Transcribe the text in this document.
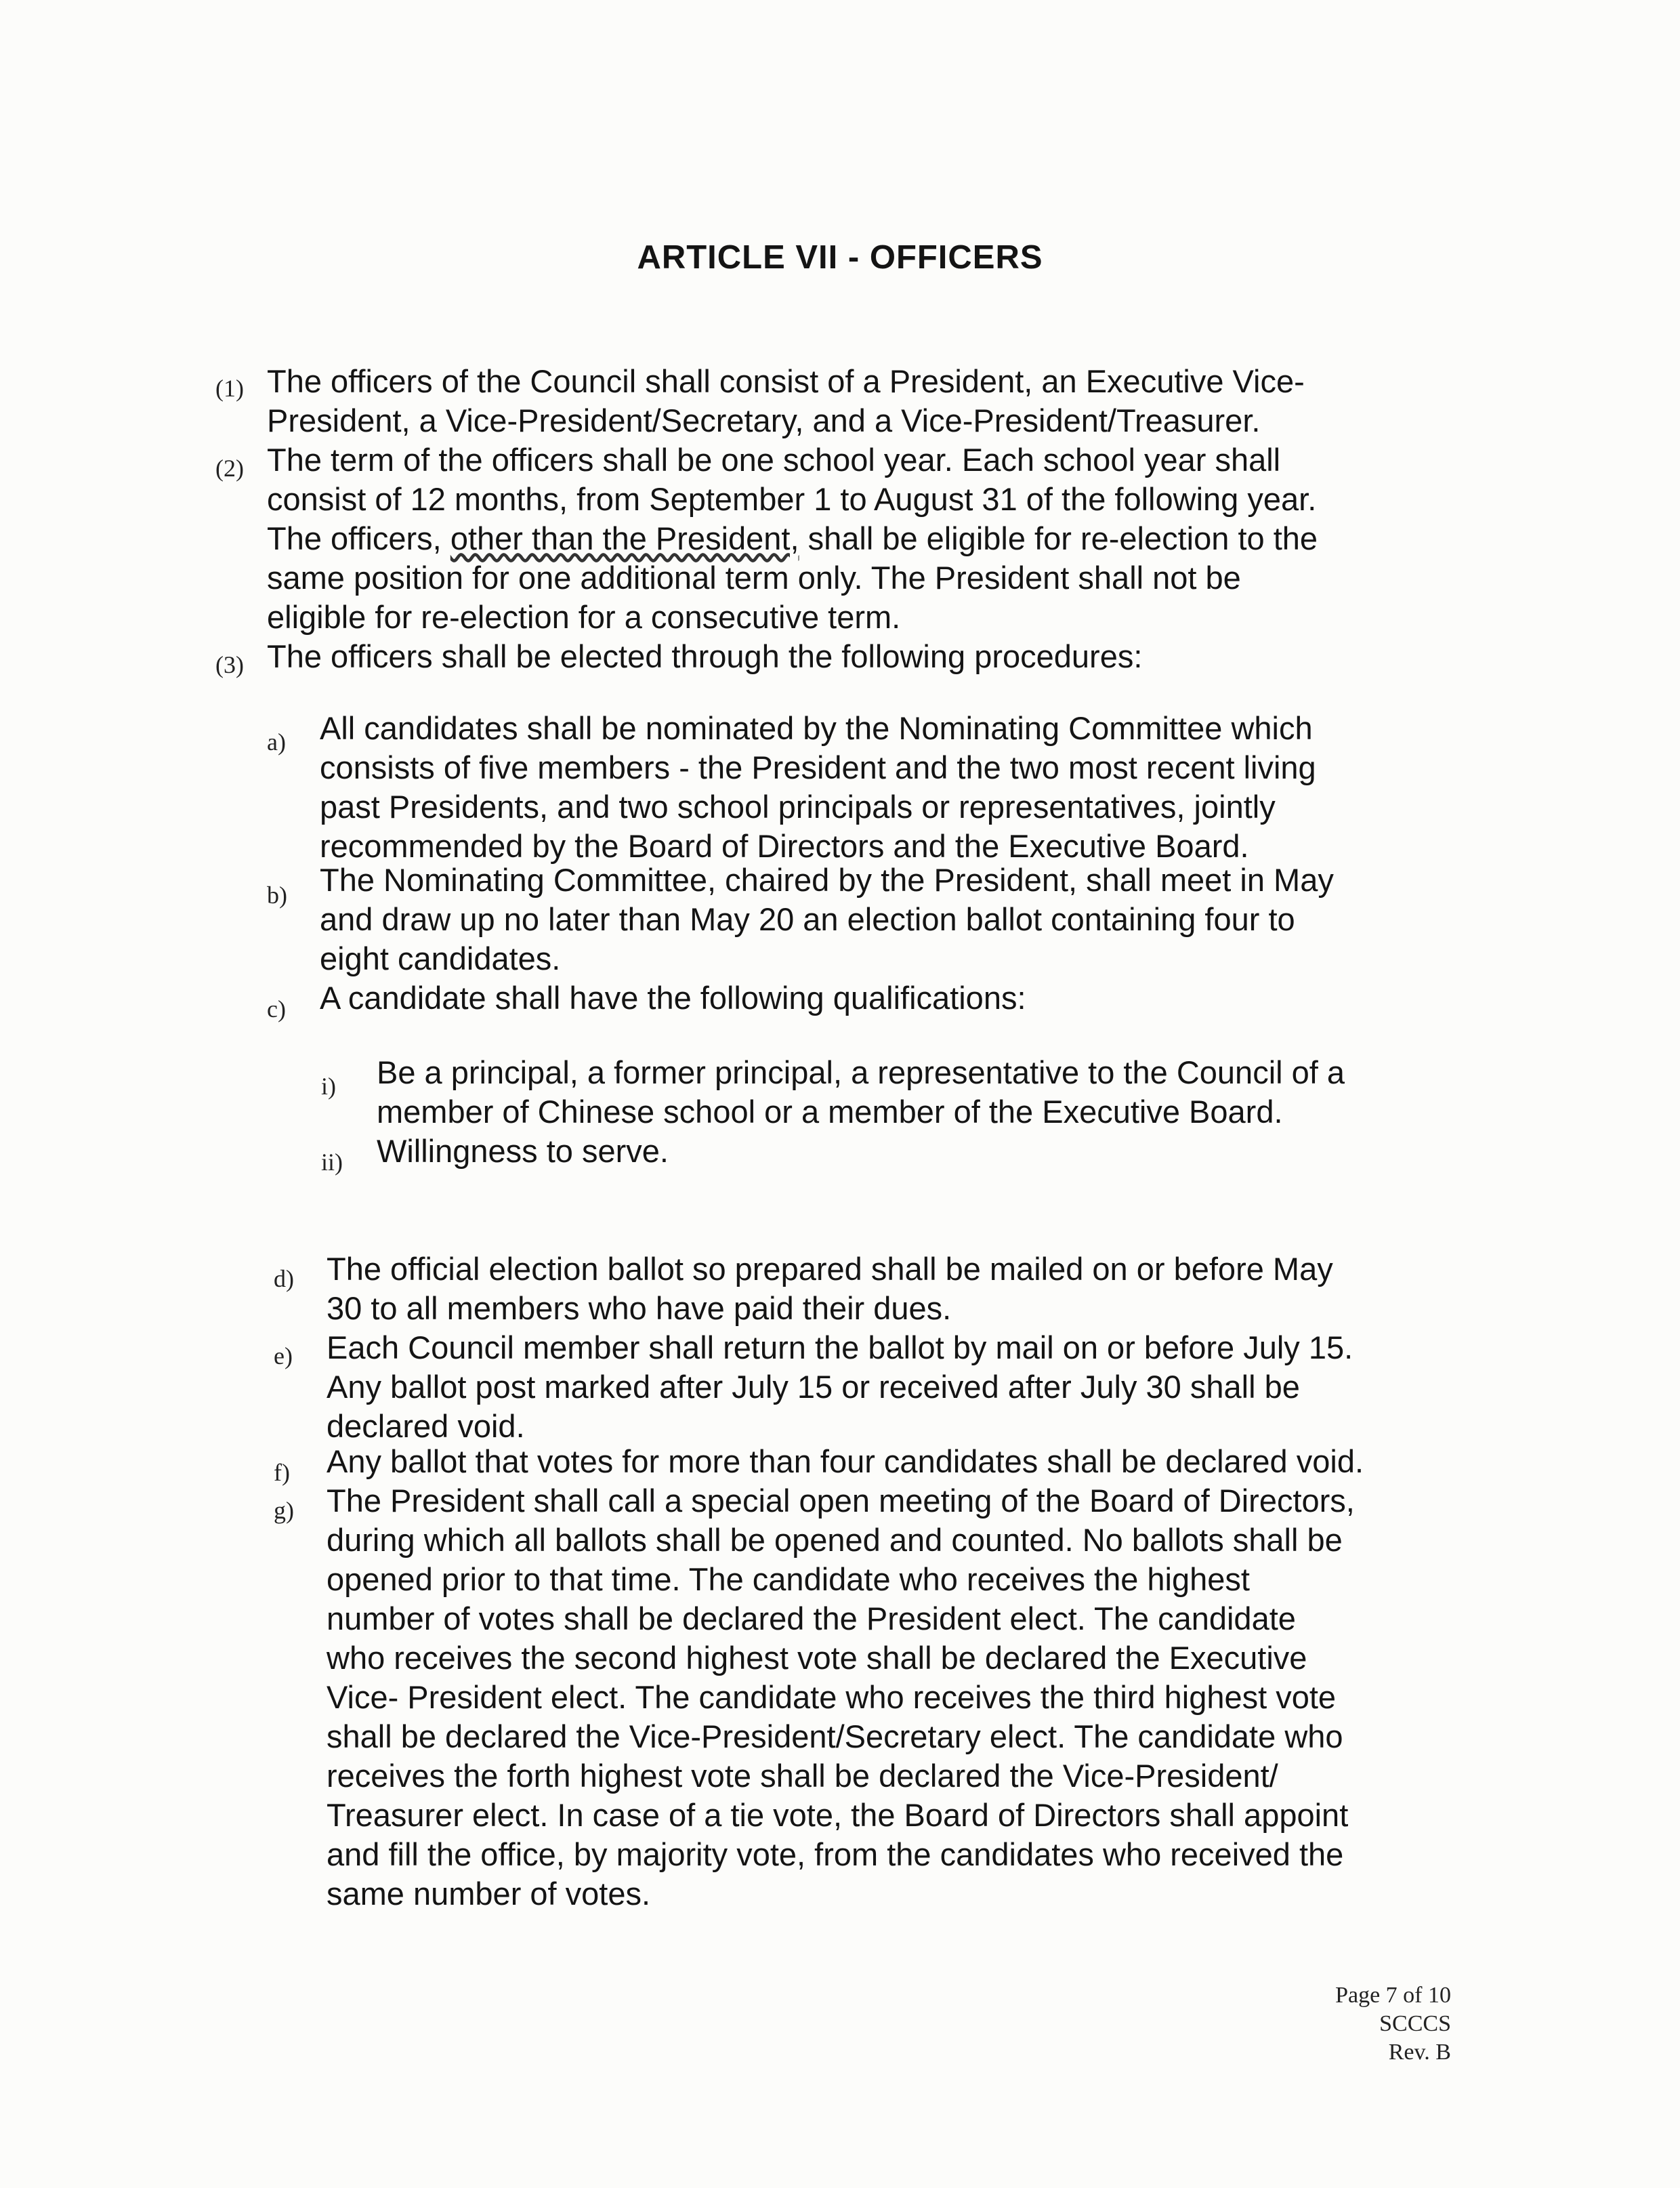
ARTICLE VII - OFFICERS
(1) The officers of the Council shall consist of a President, an Executive Vice-
President, a Vice-President/Secretary, and a Vice-President/Treasurer.
(2) The term of the officers shall be one school year. Each school year shall
consist of 12 months, from September 1 to August 31 of the following year.
The officers, other than the President, shall be eligible for re-election to the
same position for one additional term only. The President shall not be
eligible for re-election for a consecutive term.
(3) The officers shall be elected through the following procedures:
a) All candidates shall be nominated by the Nominating Committee which
consists of five members - the President and the two most recent living
past Presidents, and two school principals or representatives, jointly
recommended by the Board of Directors and the Executive Board.
b) The Nominating Committee, chaired by the President, shall meet in May
and draw up no later than May 20 an election ballot containing four to
eight candidates.
c) A candidate shall have the following qualifications:
i) Be a principal, a former principal, a representative to the Council of a
member of Chinese school or a member of the Executive Board.
ii) Willingness to serve.
d) The official election ballot so prepared shall be mailed on or before May
30 to all members who have paid their dues.
e) Each Council member shall return the ballot by mail on or before July 15.
Any ballot post marked after July 15 or received after July 30 shall be
declared void.
f) Any ballot that votes for more than four candidates shall be declared void.
g) The President shall call a special open meeting of the Board of Directors,
during which all ballots shall be opened and counted. No ballots shall be
opened prior to that time. The candidate who receives the highest
number of votes shall be declared the President elect. The candidate
who receives the second highest vote shall be declared the Executive
Vice- President elect. The candidate who receives the third highest vote
shall be declared the Vice-President/Secretary elect. The candidate who
receives the forth highest vote shall be declared the Vice-President/
Treasurer elect. In case of a tie vote, the Board of Directors shall appoint
and fill the office, by majority vote, from the candidates who received the
same number of votes.
Page 7 of 10
SCCCS
Rev. B
